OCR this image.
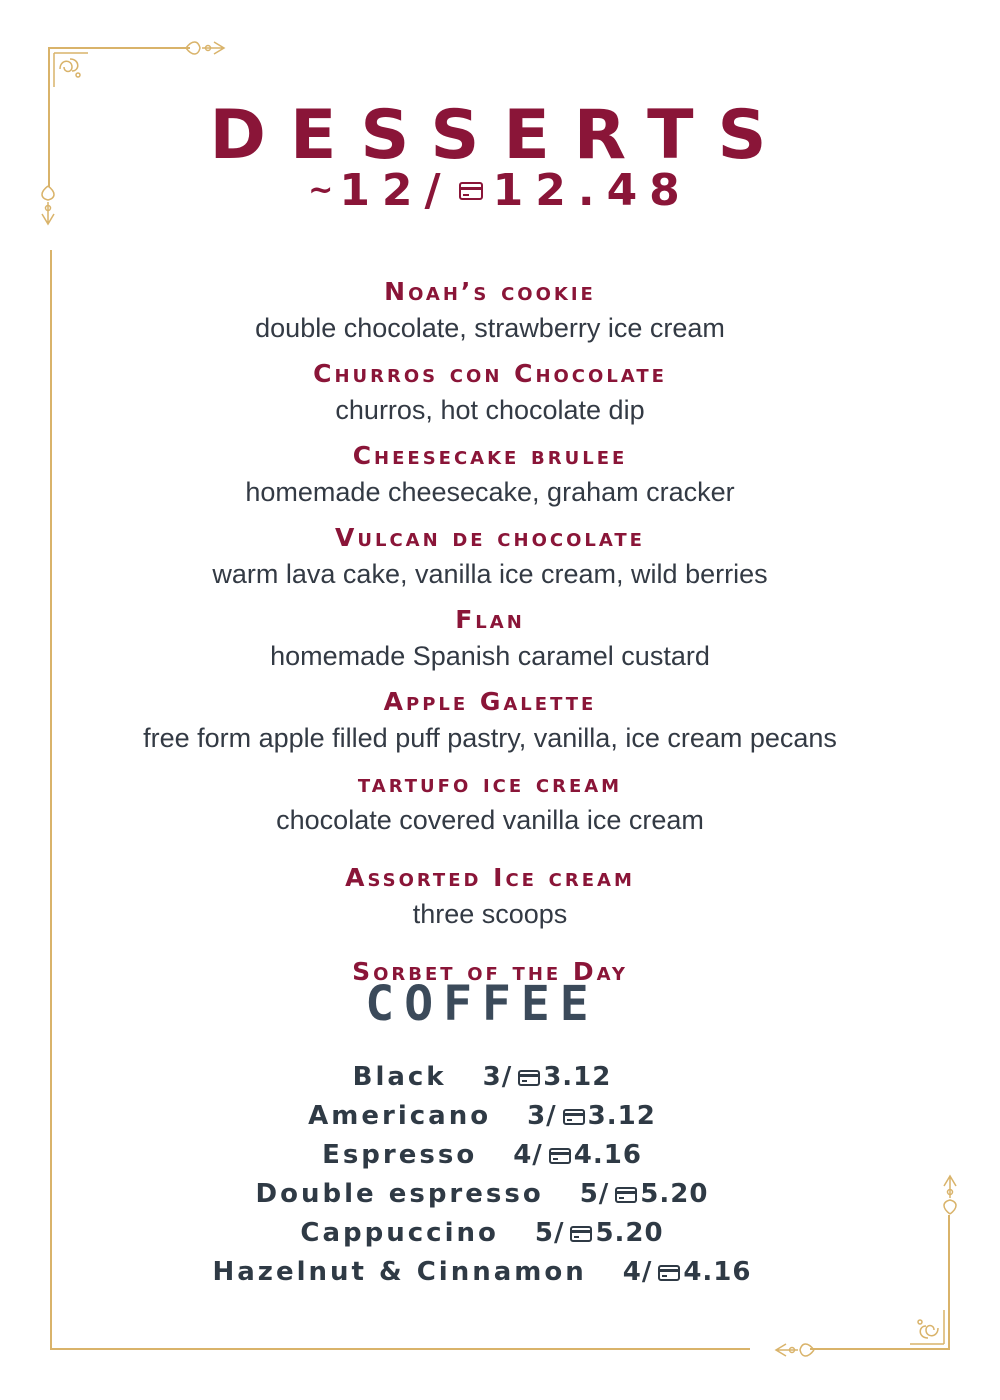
DESSERTS
~ 12/ 12.48
Noah’s cookie
double chocolate, strawberry ice cream
Churros con Chocolate
churros, hot chocolate dip
Cheesecake brulee
homemade cheesecake, graham cracker
Vulcan de chocolate
warm lava cake, vanilla ice cream, wild berries
Flan
homemade Spanish caramel custard
Apple Galette
free form apple filled puff pastry, vanilla, ice cream pecans
tartufo ice cream
chocolate covered vanilla ice cream
Assorted Ice cream
three scoops
Sorbet of the Day
COFFEE
Black 3/ 3.12
Americano 3/ 3.12
Espresso 4/ 4.16
Double espresso 5/ 5.20
Cappuccino 5/ 5.20
Hazelnut & Cinnamon 4/ 4.16
